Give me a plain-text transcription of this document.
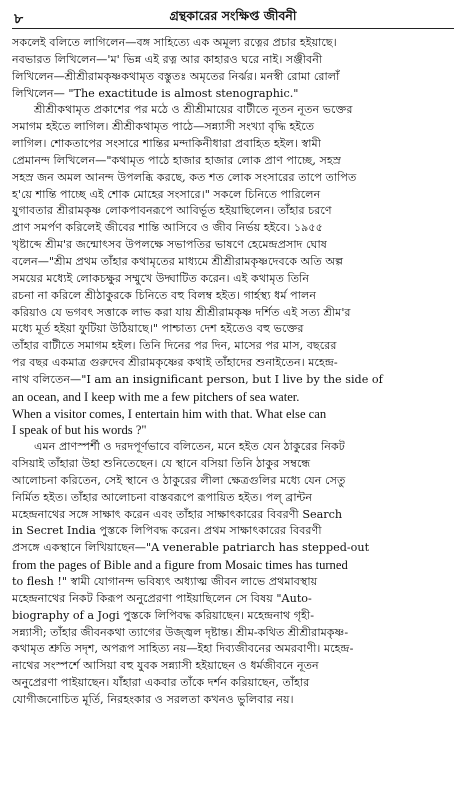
৮	গ্রন্থকারের সংক্ষিপ্ত জীবনী
সকলেই বলিতে লাগিলেন—বঙ্গ সাহিত্যে এক অমূল্য রত্নের প্রচার হইয়াছে।
নবভারত লিখিলেন—'ম' ভিন্ন এই রত্ন আর কাহারও ঘরে নাই। সঞ্জীবনী
লিখিলেন—শ্রীশ্রীরামকৃষ্ণকথামৃত বস্তুতঃ অমৃতের নির্ঝর। মনস্বী রোমা রোলাঁ
লিখিলেন— "The exactitude is almost stenographic."
শ্রীশ্রীকথামৃত প্রকাশের পর মঠে ও শ্রীশ্রীমায়ের বাটীতে নূতন নূতন ভক্তের
সমাগম হইতে লাগিল। শ্রীশ্রীকথামৃত পাঠে—সন্ন্যাসী সংখ্যা বৃদ্ধি হইতে
লাগিল। শোকতাপের সংসারে শান্তির মন্দাকিনীধারা প্রবাহিত হইল। স্বামী
প্রেমানন্দ লিখিলেন—"কথামৃত পাঠে হাজার হাজার লোক প্রাণ পাচ্ছে, সহস্র
সহস্র জন অমল আনন্দ উপলব্ধি করছে, কত শত লোক সংসারের তাপে তাপিত
হ'য়ে শান্তি পাচ্ছে এই শোক মোহের সংসারে।" সকলে চিনিতে পারিলেন
যুগাবতার শ্রীরামকৃষ্ণ লোকপাবনরূপে আবির্ভূত হইয়াছিলেন। তাঁহার চরণে
প্রাণ সমর্পণ করিলেই জীবের শান্তি আসিবে ও জীব নির্ভয় হইবে। ১৯৫৫
খৃষ্টাব্দে শ্রীম'র জন্মোৎসব উপলক্ষে সভাপতির ভাষণে হেমেন্দ্রপ্রসাদ ঘোষ
বলেন—"শ্রীম প্রথম তাঁহার কথামৃতের মাধ্যমে শ্রীশ্রীরামকৃষ্ণদেবকে অতি অল্প
সময়ের মধ্যেই লোকচক্ষুর সম্মুখে উদ্ঘাটিত করেন। এই কথামৃত তিনি
রচনা না করিলে শ্রীঠাকুরকে চিনিতে বহু বিলম্ব হইত। গার্হস্থ্য ধর্ম পালন
করিয়াও যে ভগবৎ সত্তাকে লাভ করা যায় শ্রীশ্রীরামকৃষ্ণ দর্শিত এই সত্য শ্রীম'র
মধ্যে মূর্ত হইয়া ফুটিয়া উঠিয়াছে।" পাশ্চাত্য দেশ হইতেও বহু ভক্তের
তাঁহার বাটীতে সমাগম হইল। তিনি দিনের পর দিন, মাসের পর মাস, বছরের
পর বছর একমাত্র গুরুদেব শ্রীরামকৃষ্ণের কথাই তাঁহাদের শুনাইতেন। মহেন্দ্র-
নাথ বলিতেন—"I am an insignificant person, but I live by the side of
an ocean, and I keep with me a few pitchers of sea water.
When a visitor comes, I entertain him with that. What else can
I speak of but his words ?"
এমন প্রাণস্পর্শী ও দরদপূর্ণভাবে বলিতেন, মনে হইত যেন ঠাকুরের নিকট
বসিয়াই তাঁহারা উহা শুনিতেছেন। যে স্থানে বসিয়া তিনি ঠাকুর সম্বন্ধে
আলোচনা করিতেন, সেই স্থানে ও ঠাকুরের লীলা ক্ষেত্রগুলির মধ্যে যেন সেতু
নির্মিত হইত। তাঁহার আলোচনা বাস্তবরূপে রূপায়িত হইত। পল্ ব্রান্টন
মহেন্দ্রনাথের সঙ্গে সাক্ষাৎ করেন এবং তাঁহার সাক্ষাৎকারের বিবরণী Search
in Secret India পুস্তকে লিপিবদ্ধ করেন। প্রথম সাক্ষাৎকারের বিবরণী
প্রসঙ্গে একস্থানে লিখিয়াছেন—"A venerable patriarch has stepped-out
from the pages of Bible and a figure from Mosaic times has turned
to flesh !" স্বামী যোগানন্দ ভবিষ্যৎ অধ্যাত্ম জীবন লাভে প্রথমাবস্থায়
মহেন্দ্রনাথের নিকট কিরূপ অনুপ্রেরণা পাইয়াছিলেন সে বিষয় "Auto-
biography of a Jogi পুস্তকে লিপিবদ্ধ করিয়াছেন। মহেন্দ্রনাথ গৃহী-
সন্ন্যাসী; তাঁহার জীবনকথা ত্যাগের উজ্জ্বল দৃষ্টান্ত। শ্রীম-কথিত শ্রীশ্রীরামকৃষ্ণ-
কথামৃত শ্রুতি সদৃশ, অপরূপ সাহিত্য নয়—ইহা দিব্যজীবনের অমরবাণী। মহেন্দ্র-
নাথের সংস্পর্শে আসিয়া বহু যুবক সন্ন্যাসী হইয়াছেন ও ধর্মজীবনে নূতন
অনুপ্রেরণা পাইয়াছেন। যাঁহারা একবার তাঁকে দর্শন করিয়াছেন, তাঁহার
যোগীজনোচিত মূর্তি, নিরহংকার ও সরলতা কখনও ভুলিবার নয়।
